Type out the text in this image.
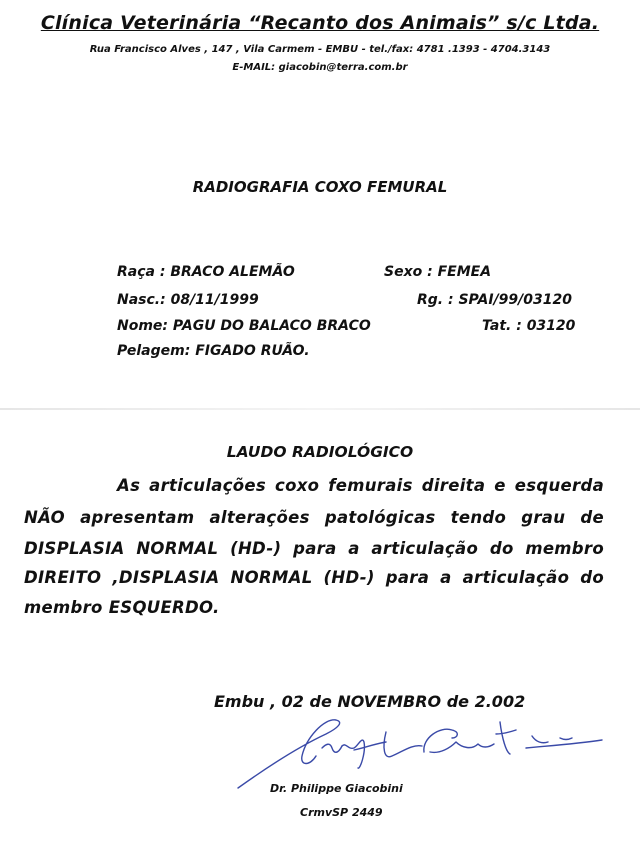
Clínica Veterinária “Recanto dos Animais” s/c Ltda.
Rua Francisco Alves , 147 , Vila Carmem - EMBU - tel./fax: 4781 .1393 - 4704.3143
E-MAIL: giacobin@terra.com.br
RADIOGRAFIA COXO FEMURAL
Raça : BRACO ALEMÃO	Sexo : FEMEA
Nasc.: 08/11/1999	Rg. : SPAI/99/03120
Nome: PAGU DO BALACO BRACO	Tat. : 03120
Pelagem: FIGADO RUÃO.
LAUDO RADIOLÓGICO
As articulações coxo femurais direita e esquerda
NÃO apresentam alterações patológicas tendo grau de
DISPLASIA NORMAL (HD-) para a articulação do membro
DIREITO ,DISPLASIA NORMAL (HD-) para a articulação do
membro ESQUERDO.
Embu , 02 de NOVEMBRO de 2.002
Dr. Philippe Giacobini
CrmvSP 2449
